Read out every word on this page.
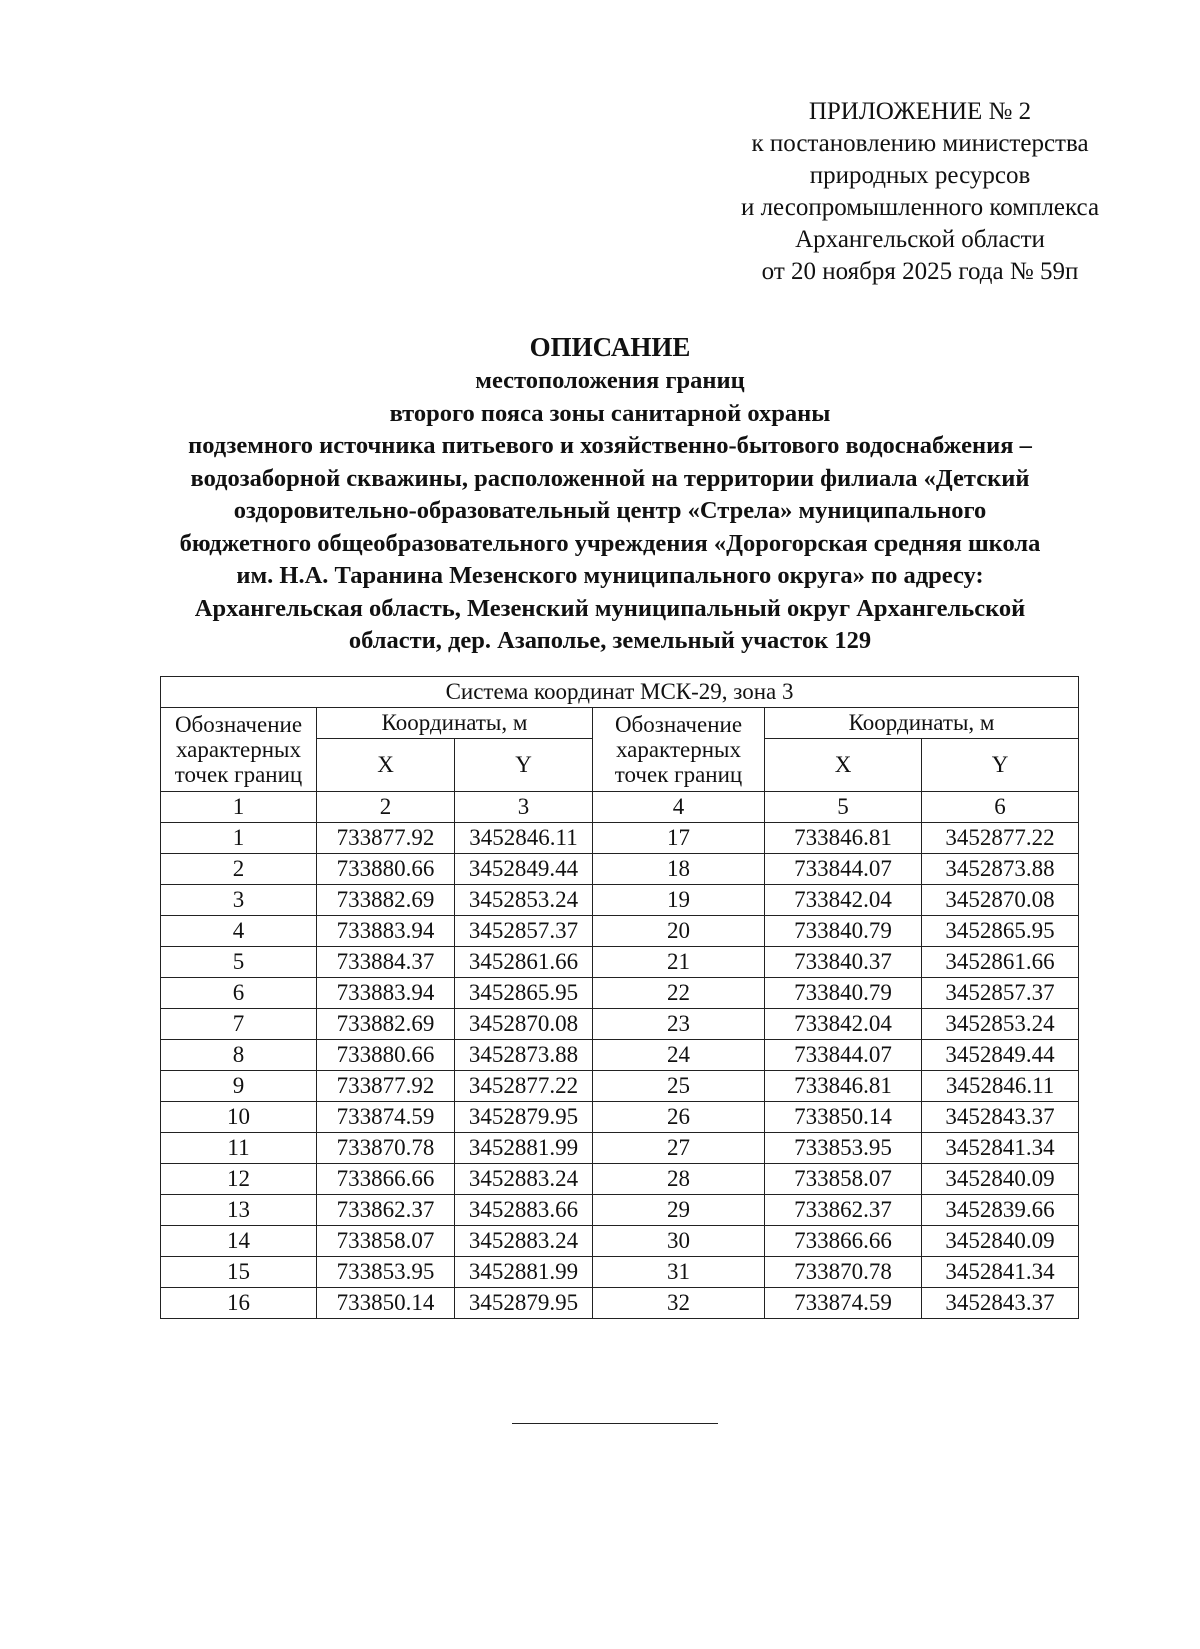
ПРИЛОЖЕНИЕ № 2
к постановлению министерства
природных ресурсов
и лесопромышленного комплекса
Архангельской области
от 20 ноября 2025 года № 59п
ОПИСАНИЕ
местоположения границ
второго пояса зоны санитарной охраны
подземного источника питьевого и хозяйственно-бытового водоснабжения –
водозаборной скважины, расположенной на территории филиала «Детский
оздоровительно-образовательный центр «Стрела» муниципального
бюджетного общеобразовательного учреждения «Дорогорская средняя школа
им. Н.А. Таранина Мезенского муниципального округа» по адресу:
Архангельская область, Мезенский муниципальный округ Архангельской
области, дер. Азаполье, земельный участок 129
Система координат МСК-29, зона 3					
Обозначение характерных точек границ	Координаты, м		Обозначение характерных точек границ	Координаты, м	
	X	Y		X	Y
1	2	3	4	5	6
1	733877.92	3452846.11	17	733846.81	3452877.22
2	733880.66	3452849.44	18	733844.07	3452873.88
3	733882.69	3452853.24	19	733842.04	3452870.08
4	733883.94	3452857.37	20	733840.79	3452865.95
5	733884.37	3452861.66	21	733840.37	3452861.66
6	733883.94	3452865.95	22	733840.79	3452857.37
7	733882.69	3452870.08	23	733842.04	3452853.24
8	733880.66	3452873.88	24	733844.07	3452849.44
9	733877.92	3452877.22	25	733846.81	3452846.11
10	733874.59	3452879.95	26	733850.14	3452843.37
11	733870.78	3452881.99	27	733853.95	3452841.34
12	733866.66	3452883.24	28	733858.07	3452840.09
13	733862.37	3452883.66	29	733862.37	3452839.66
14	733858.07	3452883.24	30	733866.66	3452840.09
15	733853.95	3452881.99	31	733870.78	3452841.34
16	733850.14	3452879.95	32	733874.59	3452843.37
